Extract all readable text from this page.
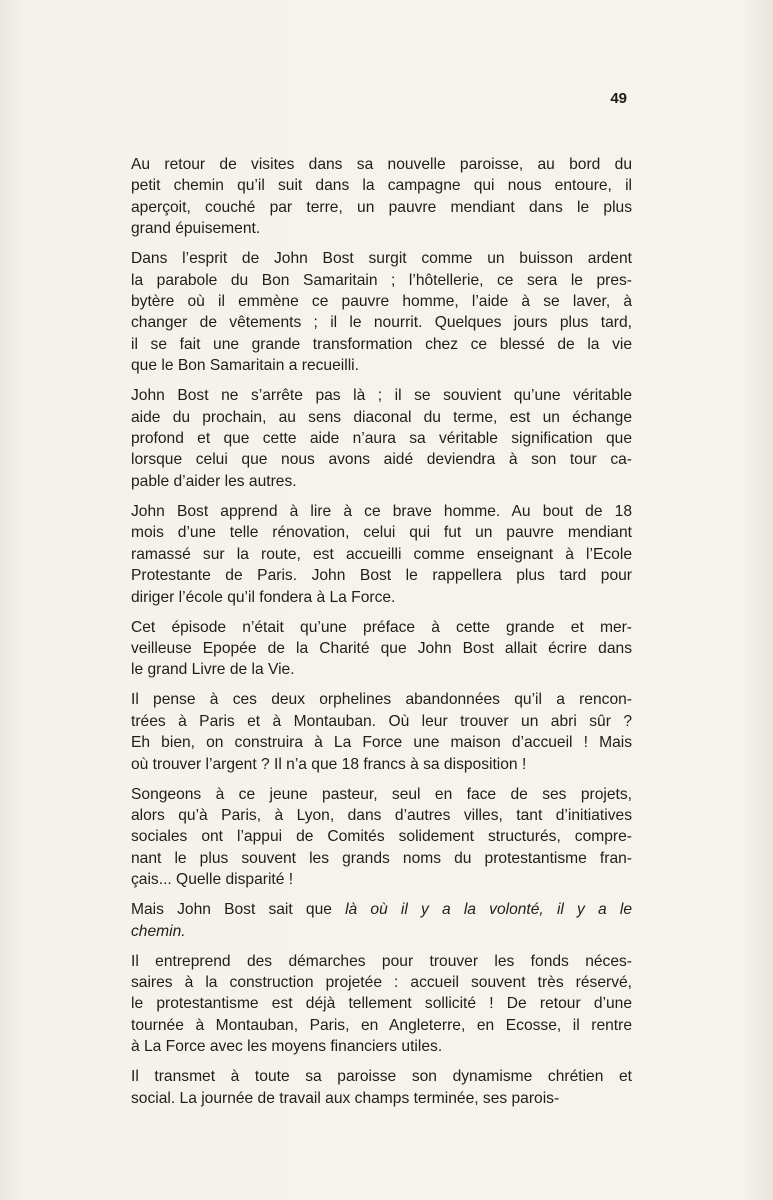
49

Au retour de visites dans sa nouvelle paroisse, au bord du
petit chemin qu’il suit dans la campagne qui nous entoure, il
aperçoit, couché par terre, un pauvre mendiant dans le plus
grand épuisement.

Dans l’esprit de John Bost surgit comme un buisson ardent
la parabole du Bon Samaritain ; l’hôtellerie, ce sera le pres-
bytère où il emmène ce pauvre homme, l’aide à se laver, à
changer de vêtements ; il le nourrit. Quelques jours plus tard,
il se fait une grande transformation chez ce blessé de la vie
que le Bon Samaritain a recueilli.

John Bost ne s’arrête pas là ; il se souvient qu’une véritable
aide du prochain, au sens diaconal du terme, est un échange
profond et que cette aide n’aura sa véritable signification que
lorsque celui que nous avons aidé deviendra à son tour ca-
pable d’aider les autres.

John Bost apprend à lire à ce brave homme. Au bout de 18
mois d’une telle rénovation, celui qui fut un pauvre mendiant
ramassé sur la route, est accueilli comme enseignant à l’Ecole
Protestante de Paris. John Bost le rappellera plus tard pour
diriger l’école qu’il fondera à La Force.

Cet épisode n’était qu’une préface à cette grande et mer-
veilleuse Epopée de la Charité que John Bost allait écrire dans
le grand Livre de la Vie.

Il pense à ces deux orphelines abandonnées qu’il a rencon-
trées à Paris et à Montauban. Où leur trouver un abri sûr ?
Eh bien, on construira à La Force une maison d’accueil ! Mais
où trouver l’argent ? Il n’a que 18 francs à sa disposition !

Songeons à ce jeune pasteur, seul en face de ses projets,
alors qu’à Paris, à Lyon, dans d’autres villes, tant d’initiatives
sociales ont l’appui de Comités solidement structurés, compre-
nant le plus souvent les grands noms du protestantisme fran-
çais... Quelle disparité !

Mais John Bost sait que là où il y a la volonté, il y a le
chemin.

Il entreprend des démarches pour trouver les fonds néces-
saires à la construction projetée : accueil souvent très réservé,
le protestantisme est déjà tellement sollicité ! De retour d’une
tournée à Montauban, Paris, en Angleterre, en Ecosse, il rentre
à La Force avec les moyens financiers utiles.

Il transmet à toute sa paroisse son dynamisme chrétien et
social. La journée de travail aux champs terminée, ses parois-
